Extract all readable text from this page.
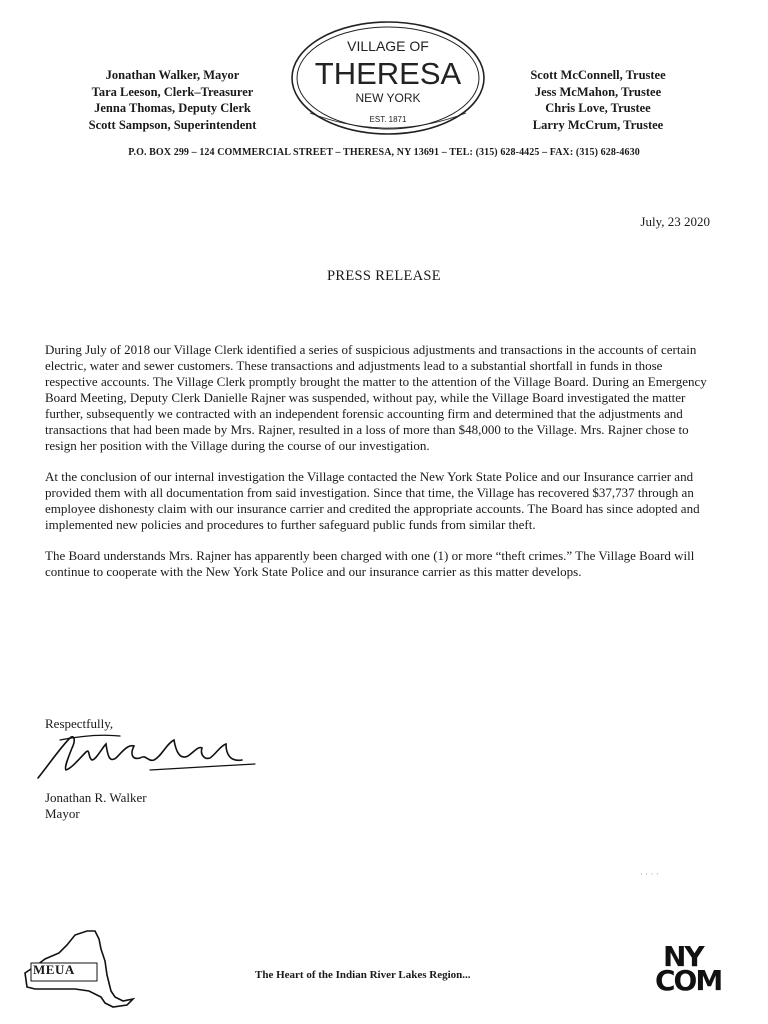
Jonathan Walker, Mayor
Tara Leeson, Clerk–Treasurer
Jenna Thomas, Deputy Clerk
Scott Sampson, Superintendent
VILLAGE OF
THERESA
NEW YORK
EST. 1871
Scott McConnell, Trustee
Jess McMahon, Trustee
Chris Love, Trustee
Larry McCrum, Trustee
P.O. BOX 299 – 124 COMMERCIAL STREET – THERESA, NY 13691 – TEL: (315) 628-4425 – FAX: (315) 628-4630
July, 23 2020
PRESS RELEASE

During July of 2018 our Village Clerk identified a series of suspicious adjustments and transactions in the accounts of certain electric, water and sewer customers. These transactions and adjustments lead to a substantial shortfall in funds in those respective accounts. The Village Clerk promptly brought the matter to the attention of the Village Board. During an Emergency Board Meeting, Deputy Clerk Danielle Rajner was suspended, without pay, while the Village Board investigated the matter further, subsequently we contracted with an independent forensic accounting firm and determined that the adjustments and transactions that had been made by Mrs. Rajner, resulted in a loss of more than $48,000 to the Village. Mrs. Rajner chose to resign her position with the Village during the course of our investigation.

At the conclusion of our internal investigation the Village contacted the New York State Police and our Insurance carrier and provided them with all documentation from said investigation. Since that time, the Village has recovered $37,737 through an employee dishonesty claim with our insurance carrier and credited the appropriate accounts. The Board has since adopted and implemented new policies and procedures to further safeguard public funds from similar theft.

The Board understands Mrs. Rajner has apparently been charged with one (1) or more “theft crimes.” The Village Board will continue to cooperate with the New York State Police and our insurance carrier as this matter develops.

Respectfully,
Jonathan R. Walker
Mayor
· · · ·
MEUA	The Heart of the Indian River Lakes Region...
NY
COM
